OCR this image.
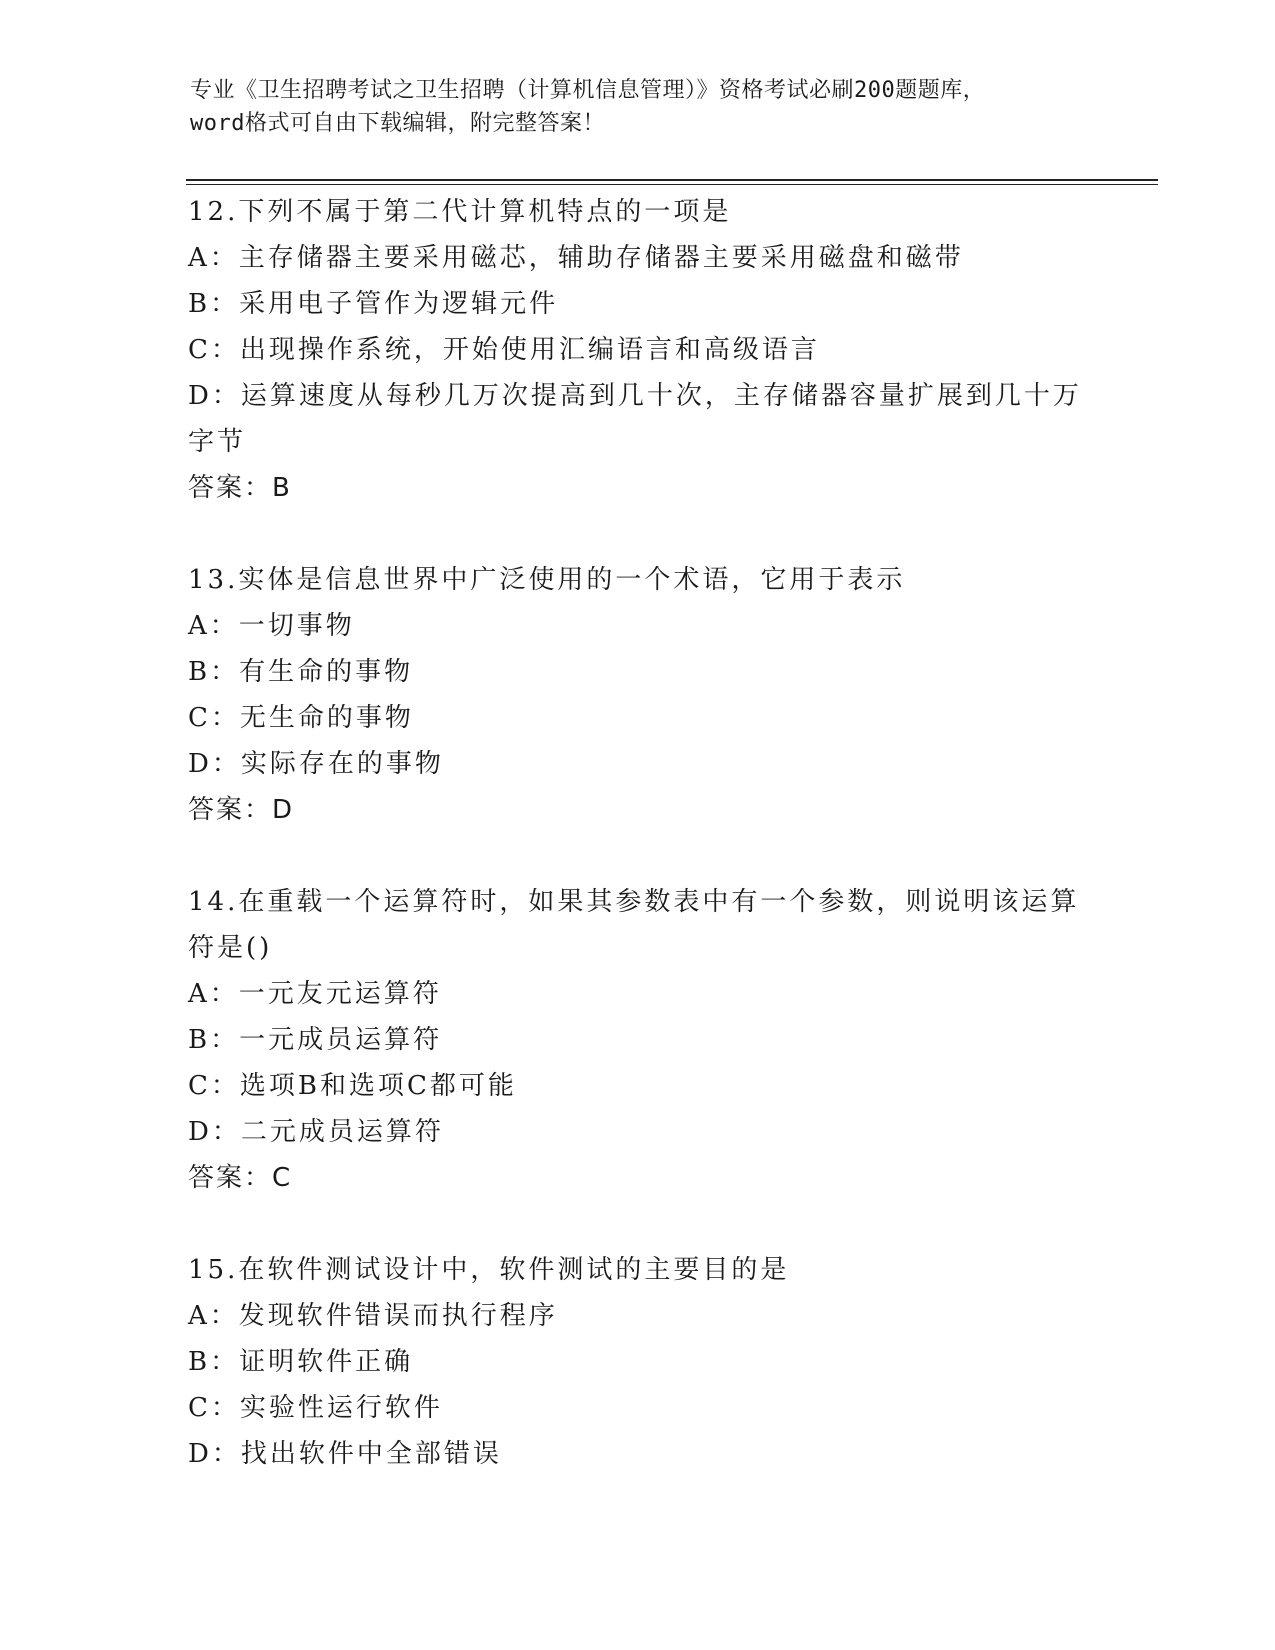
专业《卫生招聘考试之卫生招聘（计算机信息管理）》资格考试必刷200题题库，
word格式可自由下载编辑，附完整答案！
12.下列不属于第二代计算机特点的一项是
A：主存储器主要采用磁芯，辅助存储器主要采用磁盘和磁带
B：采用电子管作为逻辑元件
C：出现操作系统，开始使用汇编语言和高级语言
D：运算速度从每秒几万次提高到几十次，主存储器容量扩展到几十万
字节
答案：B
13.实体是信息世界中广泛使用的一个术语，它用于表示
A：一切事物
B：有生命的事物
C：无生命的事物
D：实际存在的事物
答案：D
14.在重载一个运算符时，如果其参数表中有一个参数，则说明该运算
符是()
A：一元友元运算符
B：一元成员运算符
C：选项B和选项C都可能
D：二元成员运算符
答案：C
15.在软件测试设计中，软件测试的主要目的是
A：发现软件错误而执行程序
B：证明软件正确
C：实验性运行软件
D：找出软件中全部错误
